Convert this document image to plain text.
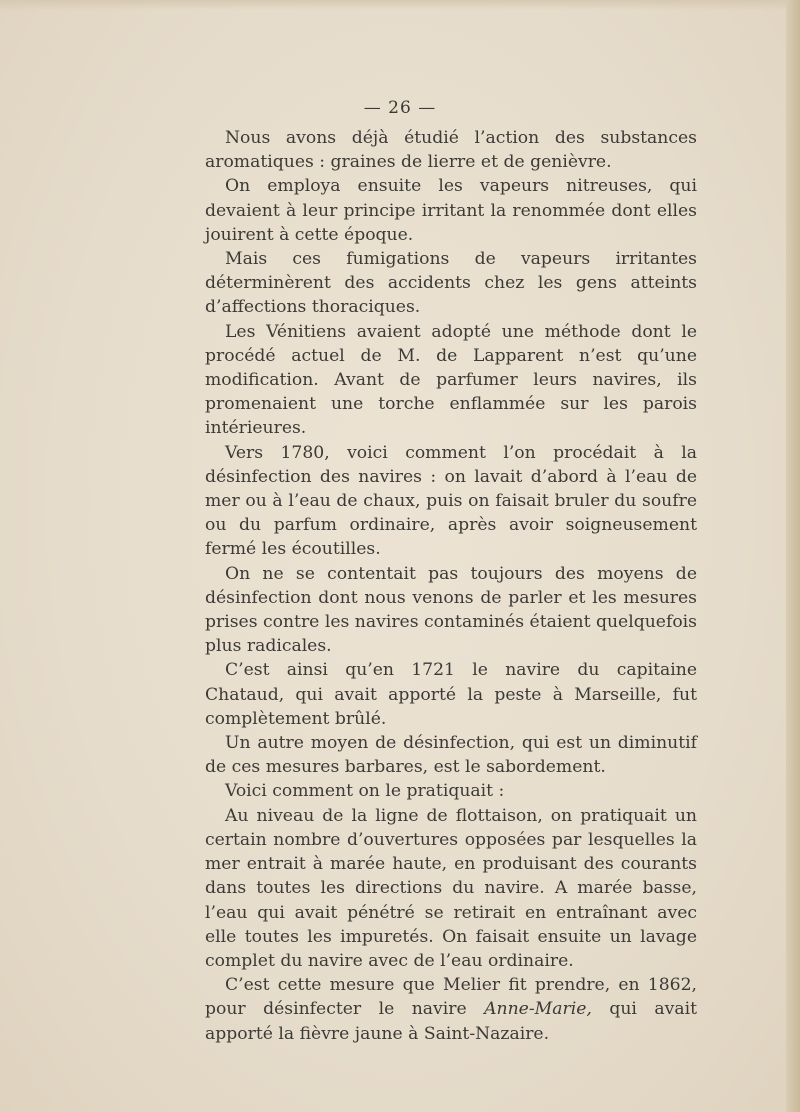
— 26 —

Nous avons déjà étudié l’action des substances aromatiques : graines de lierre et de genièvre.

On employa ensuite les vapeurs nitreuses, qui devaient à leur principe irritant la renommée dont elles jouirent à cette époque.

Mais ces fumigations de vapeurs irritantes déterminèrent des accidents chez les gens atteints d’affections thoraciques.

Les Vénitiens avaient adopté une méthode dont le procédé actuel de M. de Lapparent n’est qu’une modification. Avant de parfumer leurs navires, ils promenaient une torche enflammée sur les parois intérieures.

Vers 1780, voici comment l’on procédait à la désinfection des navires : on lavait d’abord à l’eau de mer ou à l’eau de chaux, puis on faisait bruler du soufre ou du parfum ordinaire, après avoir soigneusement fermé les écoutilles.

On ne se contentait pas toujours des moyens de désinfection dont nous venons de parler et les mesures prises contre les navires contaminés étaient quelquefois plus radicales.

C’est ainsi qu’en 1721 le navire du capitaine Chataud, qui avait apporté la peste à Marseille, fut complètement brûlé.

Un autre moyen de désinfection, qui est un diminutif de ces mesures barbares, est le sabordement.

Voici comment on le pratiquait :

Au niveau de la ligne de flottaison, on pratiquait un certain nombre d’ouvertures opposées par lesquelles la mer entrait à marée haute, en produisant des courants dans toutes les directions du navire. A marée basse, l’eau qui avait pénétré se retirait en entraînant avec elle toutes les impuretés. On faisait ensuite un lavage complet du navire avec de l’eau ordinaire.

C’est cette mesure que Melier fit prendre, en 1862, pour désinfecter le navire Anne-Marie, qui avait apporté la fièvre jaune à Saint-Nazaire.
